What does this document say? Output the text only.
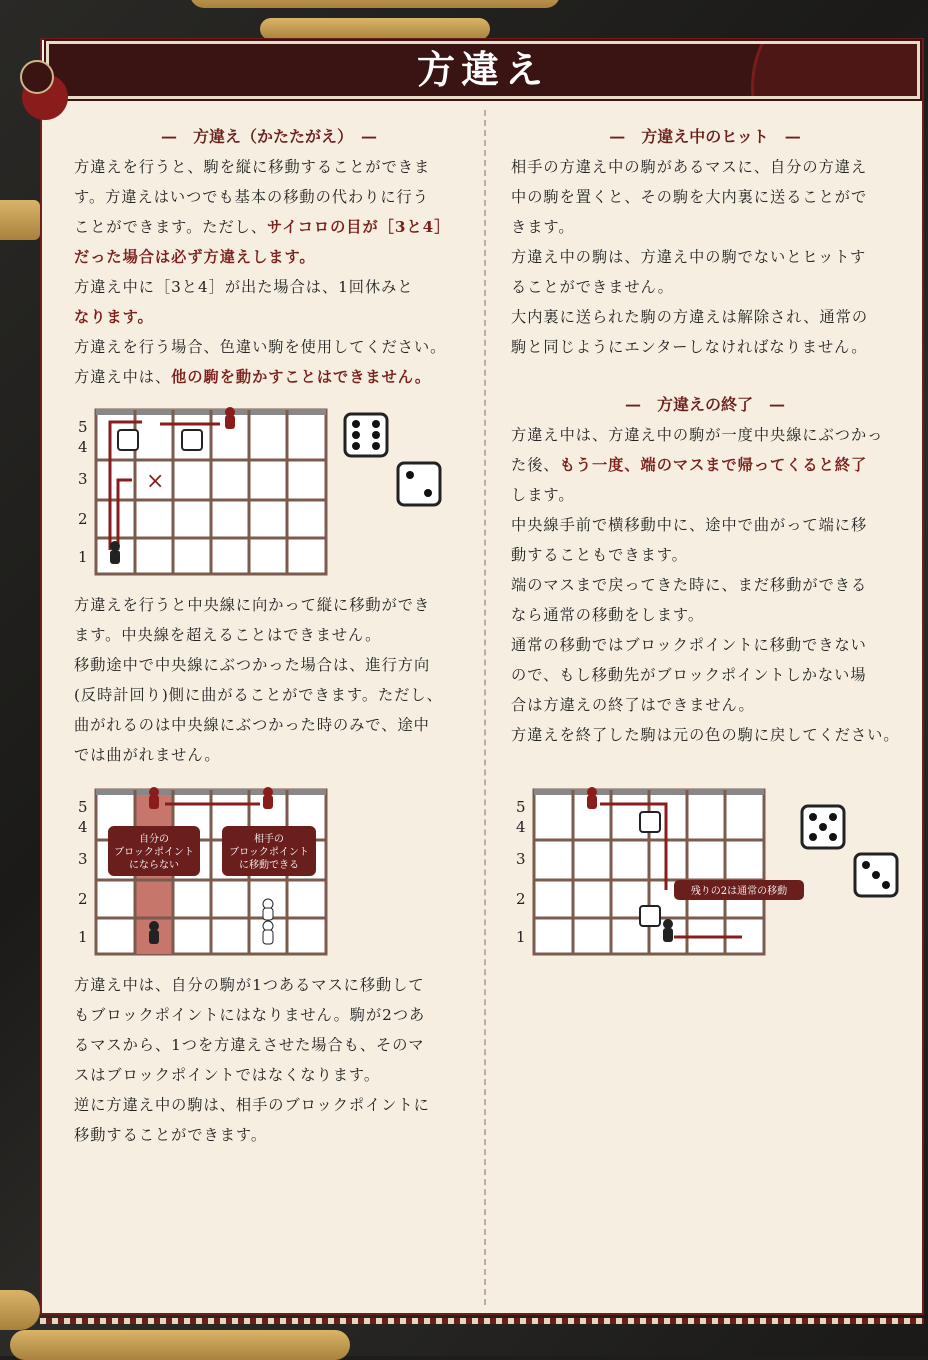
方違え
—　方違え（かたたがえ）　—
方違えを行うと、駒を縦に移動することができま
す。方違えはいつでも基本の移動の代わりに行う
ことができます。ただし、サイコロの目が［3と4］
だった場合は必ず方違えします。
方違え中に［3と4］が出た場合は、1回休みと
なります。
方違えを行う場合、色違い駒を使用してください。
方違え中は、他の駒を動かすことはできません。
5
4
3
2
1
×
方違えを行うと中央線に向かって縦に移動ができ
ます。中央線を超えることはできません。
移動途中で中央線にぶつかった場合は、進行方向
(反時計回り)側に曲がることができます。ただし、
曲がれるのは中央線にぶつかった時のみで、途中
では曲がれません。
5
4
3
2
1
自分の
ブロックポイント
にならない
相手の
ブロックポイント
に移動できる
方違え中は、自分の駒が1つあるマスに移動して
もブロックポイントにはなりません。駒が2つあ
るマスから、1つを方違えさせた場合も、そのマ
スはブロックポイントではなくなります。
逆に方違え中の駒は、相手のブロックポイントに
移動することができます。
—　方違え中のヒット　—
相手の方違え中の駒があるマスに、自分の方違え
中の駒を置くと、その駒を大内裏に送ることがで
きます。
方違え中の駒は、方違え中の駒でないとヒットす
ることができません。
大内裏に送られた駒の方違えは解除され、通常の
駒と同じようにエンターしなければなりません。
—　方違えの終了　—
方違え中は、方違え中の駒が一度中央線にぶつかっ
た後、もう一度、端のマスまで帰ってくると終了
します。
中央線手前で横移動中に、途中で曲がって端に移
動することもできます。
端のマスまで戻ってきた時に、まだ移動ができる
なら通常の移動をします。
通常の移動ではブロックポイントに移動できない
ので、もし移動先がブロックポイントしかない場
合は方違えの終了はできません。
方違えを終了した駒は元の色の駒に戻してください。
5
4
3
2
1
残りの2は通常の移動
